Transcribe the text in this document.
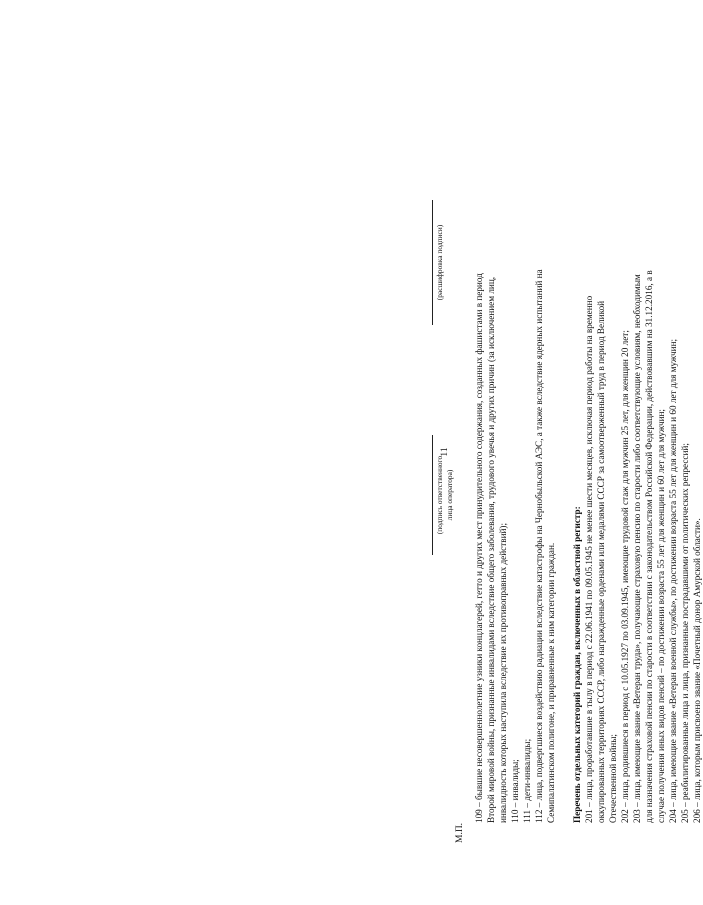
11	109 – бывшие несовершеннолетние узники концлагерей, гетто и других мест принудительного содержания, созданных фашистами в период Второй мировой войны, признанные инвалидами вследствие общего заболевания, трудового увечья и других причин (за исключением лиц, инвалидность которых наступила вследствие их противоправных действий); 110 – инвалиды; 111 – дети-инвалиды; 112 – лица, подвергшиеся воздействию радиации вследствие катастрофы на Чернобыльской АЭС, а также вследствие ядерных испытаний на Семипалатинском полигоне, и приравненные к ним категории граждан. Перечень отдельных категорий граждан, включенных в областной регистр: 201 – лица, проработавшие в тылу в период с 22.06.1941 по 09.05.1945 не менее шести месяцев, исключая период работы на временно оккупированных территориях СССР, либо награжденные орденами или медалями СССР за самоотверженный труд в период Великой Отечественной войны; 202 – лица, родившиеся в период с 10.05.1927 по 03.09.1945, имеющие трудовой стаж для мужчин 25 лет, для женщин 20 лет; 203 – лица, имеющие звание «Ветеран труда», получающие страховую пенсию по старости либо соответствующие условиям, необходимым для назначения страховой пенсии по старости в соответствии с законодательством Российской Федерации, действовавшим на 31.12.2016, а в случае получения иных видов пенсий – по достижении возраста 55 лет для женщин и 60 лет для мужчин; 204 – лица, имеющие звание «Ветеран военной службы», по достижении возраста 55 лет для женщин и 60 лет для мужчин; 205 – реабилитированные лица и лица, признанные пострадавшими от политических репрессий; 206 – лица, которым присвоено звание «Почетный донор Амурской области».
(подпись ответственного лица оператора)
(расшифровка подписи)
М.П.
